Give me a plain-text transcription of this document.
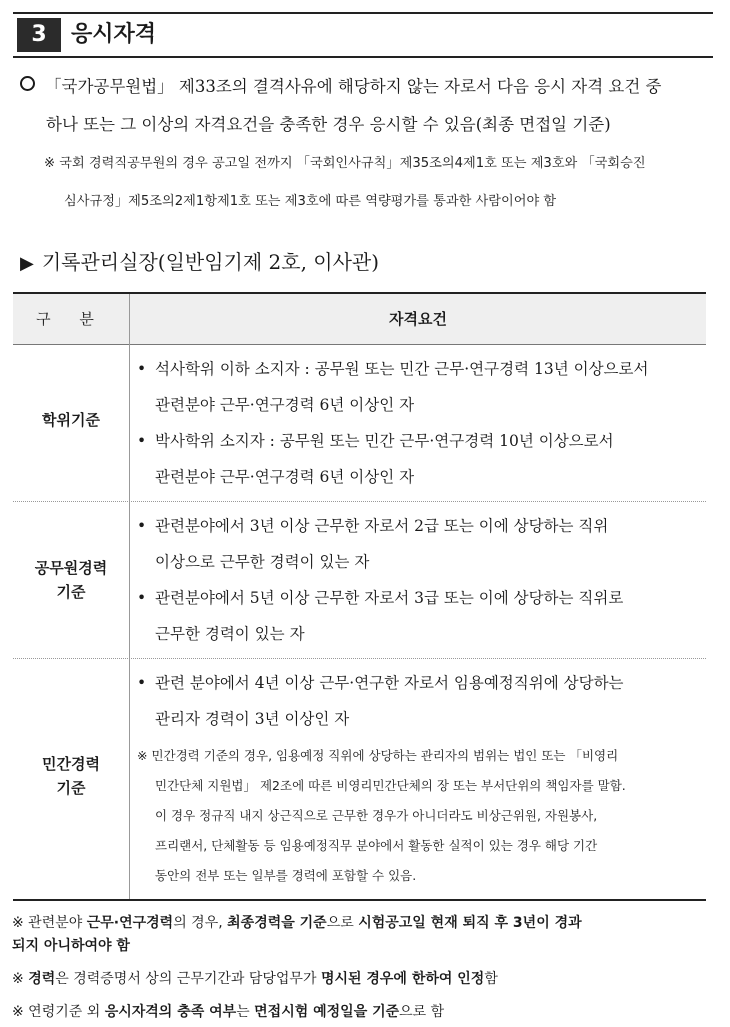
3	응시자격
「국가공무원법」 제33조의 결격사유에 해당하지 않는 자로서 다음 응시 자격 요건 중
하나 또는 그 이상의 자격요건을 충족한 경우 응시할 수 있음(최종 면접일 기준)
※ 국회 경력직공무원의 경우 공고일 전까지 「국회인사규칙」제35조의4제1호 또는 제3호와 「국회승진
심사규정」제5조의2제1항제1호 또는 제3호에 따른 역량평가를 통과한 사람이어야 함
▶ 기록관리실장(일반임기제 2호, 이사관)
구 분	자격요건
학위기준
• 석사학위 이하 소지자 : 공무원 또는 민간 근무·연구경력 13년 이상으로서
관련분야 근무·연구경력 6년 이상인 자
• 박사학위 소지자 : 공무원 또는 민간 근무·연구경력 10년 이상으로서
관련분야 근무·연구경력 6년 이상인 자
공무원경력
기준
• 관련분야에서 3년 이상 근무한 자로서 2급 또는 이에 상당하는 직위
이상으로 근무한 경력이 있는 자
• 관련분야에서 5년 이상 근무한 자로서 3급 또는 이에 상당하는 직위로
근무한 경력이 있는 자
민간경력
기준
• 관련 분야에서 4년 이상 근무·연구한 자로서 임용예정직위에 상당하는
관리자 경력이 3년 이상인 자
※ 민간경력 기준의 경우, 임용예정 직위에 상당하는 관리자의 범위는 법인 또는 「비영리
민간단체 지원법」 제2조에 따른 비영리민간단체의 장 또는 부서단위의 책임자를 말함.
이 경우 정규직 내지 상근직으로 근무한 경우가 아니더라도 비상근위원, 자원봉사,
프리랜서, 단체활동 등 임용예정직무 분야에서 활동한 실적이 있는 경우 해당 기간
동안의 전부 또는 일부를 경력에 포함할 수 있음.
※ 관련분야 근무·연구경력의 경우, 최종경력을 기준으로 시험공고일 현재 퇴직 후 3년이 경과
되지 아니하여야 함
※ 경력은 경력증명서 상의 근무기간과 담당업무가 명시된 경우에 한하여 인정함
※ 연령기준 외 응시자격의 충족 여부는 면접시험 예정일을 기준으로 함
